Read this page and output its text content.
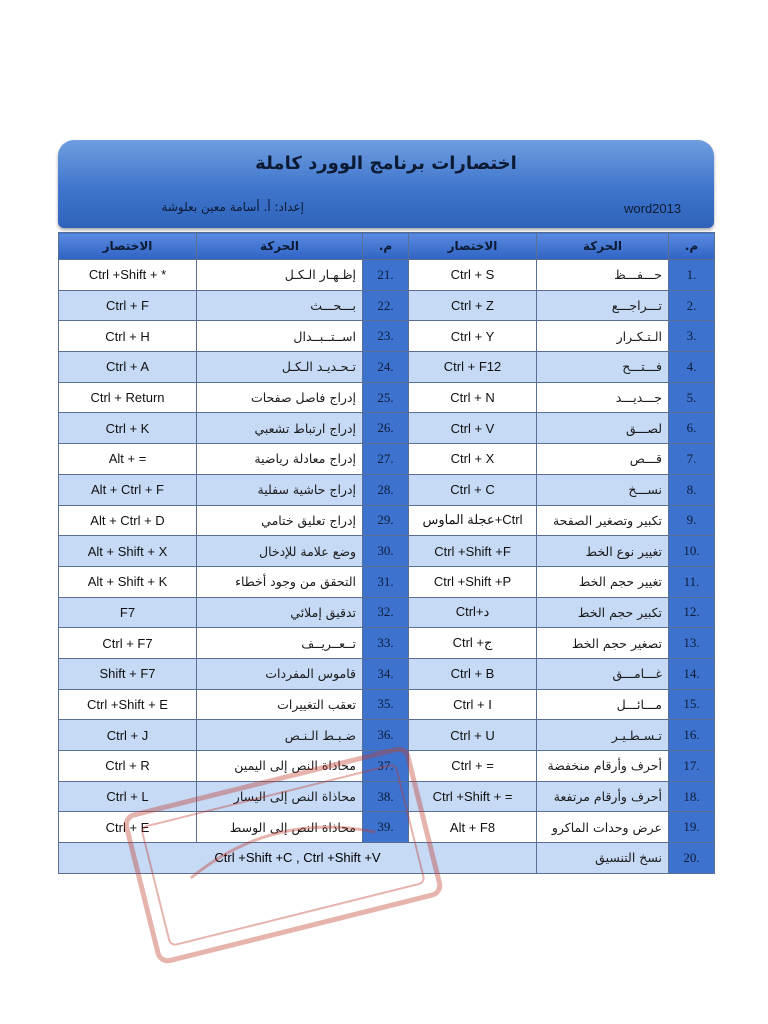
اختصارات برنامج الوورد كاملة
إعداد: أ. أسامة معين بعلوشة	word2013
م.	الحركة	الاختصار	م.	الحركة	الاختصار
.1	حـــفـــظ	Ctrl + S	.21	إظـهـار الـكـل	Ctrl +Shift + *
.2	تـــراجـــع	Ctrl + Z	.22	بـــحـــث	Ctrl + F
.3	الـتـكـرار	Ctrl + Y	.23	اســتــبــدال	Ctrl + H
.4	فـــتـــح	Ctrl + F12	.24	تـحـديـد الـكـل	Ctrl + A
.5	جـــديـــد	Ctrl + N	.25	إدراج فاصل صفحات	Ctrl + Return
.6	لصـــق	Ctrl + V	.26	إدراج ارتباط تشعبي	Ctrl + K
.7	قـــص	Ctrl + X	.27	إدراج معادلة رياضية	Alt + =
.8	نســـخ	Ctrl + C	.28	إدراج حاشية سفلية	Alt + Ctrl + F
.9	تكبير وتصغير الصفحة	عجلة الماوس+Ctrl	.29	إدراج تعليق ختامي	Alt + Ctrl + D
.10	تغيير نوع الخط	Ctrl +Shift +F	.30	وضع علامة للإدخال	Alt + Shift + X
.11	تغيير حجم الخط	Ctrl +Shift +P	.31	التحقق من وجود أخطاء	Alt + Shift + K
.12	تكبير حجم الخط	Ctrl+د	.32	تدقيق إملائي	F7
.13	تصغير حجم الخط	Ctrl +ج	.33	تــعــريــف	Ctrl + F7
.14	غـــامـــق	Ctrl + B	.34	قاموس المفردات	Shift + F7
.15	مـــائـــل	Ctrl + I	.35	تعقب التغييرات	Ctrl +Shift + E
.16	تـسـطـيـر	Ctrl + U	.36	ضـبـط الـنـص	Ctrl + J
.17	أحرف وأرقام منخفضة	Ctrl + =	.37	محاذاة النص إلى اليمين	Ctrl + R
.18	أحرف وأرقام مرتفعة	Ctrl +Shift + =	.38	محاذاة النص إلى اليسار	Ctrl + L
.19	عرض وحدات الماكرو	Alt + F8	.39	محاذاة النص إلى الوسط	Ctrl + E
.20	نسخ التنسيق	Ctrl +Shift +C , Ctrl +Shift +V			
